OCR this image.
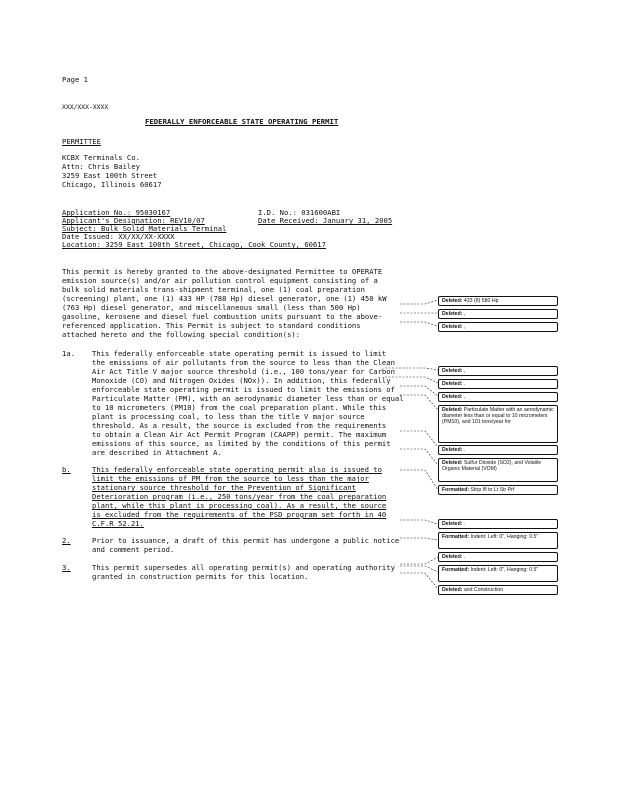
Page 1
XXX/XXX-XXXX
FEDERALLY ENFORCEABLE STATE OPERATING PERMIT
PERMITTEE
KCBX Terminals Co.
Attn: Chris Bailey
3259 East 100th Street
Chicago, Illinois 60617
Application No.: 95030167	I.D. No.: 031600ABI
Applicant's Designation: REV10/07	Date Received: January 31, 2005
Subject: Bulk Solid Materials Terminal
Date Issued: XX/XX/XX-XXXX
Location: 3259 East 100th Street, Chicago, Cook County, 60617
This permit is hereby granted to the above-designated Permittee to OPERATE
emission source(s) and/or air pollution control equipment consisting of a
bulk solid materials trans-shipment terminal, one (1) coal preparation
(screening) plant, one (1) 433 HP (788 Hp) diesel generator, one (1) 450 kW
(763 Hp) diesel generator, and miscellaneous small (less than 500 Hp)
gasoline, kerosene and diesel fuel combustion units pursuant to the above-
referenced application. This Permit is subject to standard conditions
attached hereto and the following special condition(s):
1a. This federally enforceable state operating permit is issued to limit
the emissions of air pollutants from the source to less than the Clean
Air Act Title V major source threshold (i.e., 100 tons/year for Carbon
Monoxide (CO) and Nitrogen Oxides (NOx)). In addition, this federally
enforceable state operating permit is issued to limit the emissions of
Particulate Matter (PM), with an aerodynamic diameter less than or equal
to 10 micrometers (PM10) from the coal preparation plant. While this
plant is processing coal, to less than the title V major source
threshold. As a result, the source is excluded from the requirements
to obtain a Clean Air Act Permit Program (CAAPP) permit. The maximum
emissions of this source, as limited by the conditions of this permit
are described in Attachment A.
b.	This federally enforceable state operating permit also is issued to
limit the emissions of PM from the source to less than the major
stationary source threshold for the Prevention of Significant
Deterioration program (i.e., 250 tons/year from the coal preparation
plant, while this plant is processing coal). As a result, the source
is excluded from the requirements of the PSD program set forth in 40
C.F.R 52.21.
2.	Prior to issuance, a draft of this permit has undergone a public notice
and comment period.
3.	This permit supersedes all operating permit(s) and operating authority
granted in construction permits for this location.
Deleted: 433 (8) 580 Hp
Deleted: ,
Deleted: ,
Deleted: ,
Deleted: .
Deleted: ,
Deleted: Particulate Matter with an aerodynamic diameter less than or equal to 10 micrometers (PM10), and 101 tons/year for
Deleted: .
Deleted: Sulfur Dioxide (SO2), and Volatile Organic Material (VOM)
Formatted: Strip Ifl to Lt Str Prf
Deleted: .
Formatted: Indent: Left: 0", Hanging: 0.5"
Deleted: .
Formatted: Indent: Left: 0", Hanging: 0.5"
Deleted: and Construction
